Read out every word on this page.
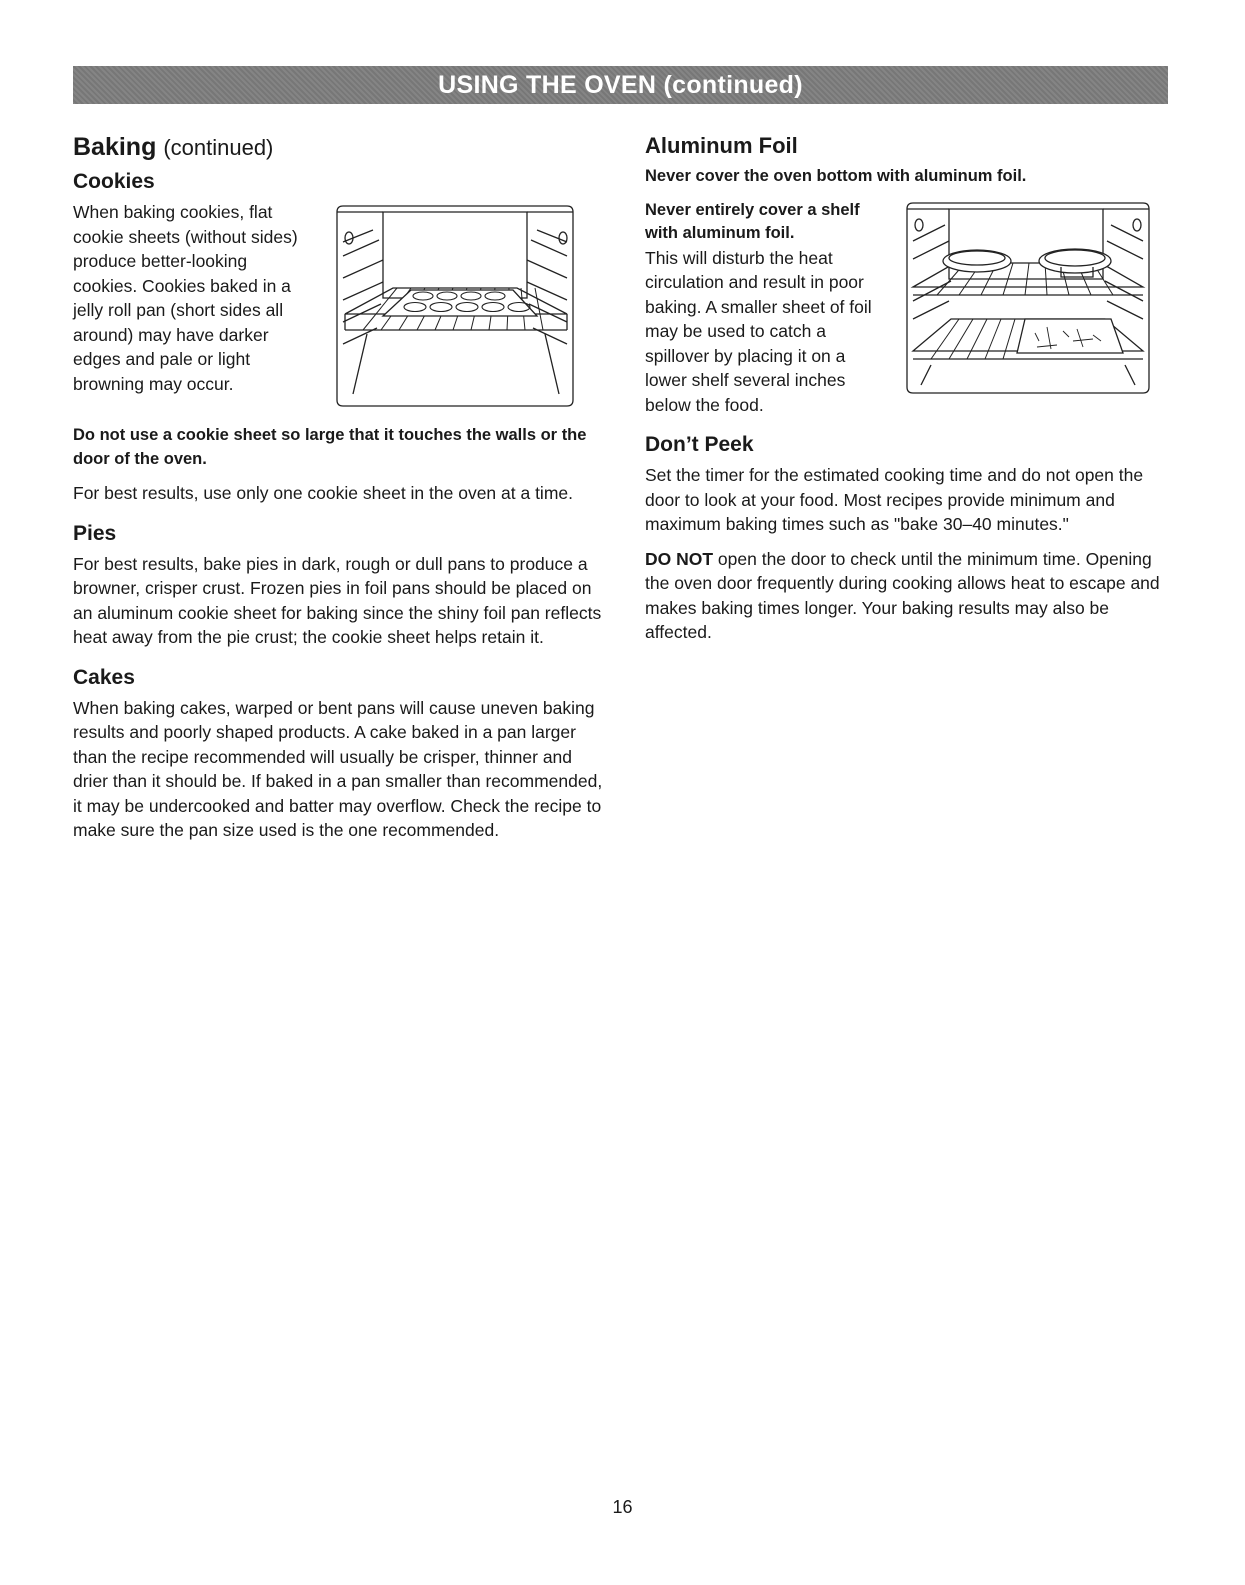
USING THE OVEN (continued)
Baking (continued)
Cookies

When baking cookies, flat cookie sheets (without sides) produce better-looking cookies. Cookies baked in a jelly roll pan (short sides all around) may have darker edges and pale or light browning may occur.

Do not use a cookie sheet so large that it touches the walls or the door of the oven.

For best results, use only one cookie sheet in the oven at a time.

Pies

For best results, bake pies in dark, rough or dull pans to produce a browner, crisper crust. Frozen pies in foil pans should be placed on an aluminum cookie sheet for baking since the shiny foil pan reflects heat away from the pie crust; the cookie sheet helps retain it.

Cakes

When baking cakes, warped or bent pans will cause uneven baking results and poorly shaped products. A cake baked in a pan larger than the recipe recommended will usually be crisper, thinner and drier than it should be. If baked in a pan smaller than recommended, it may be undercooked and batter may overflow. Check the recipe to make sure the pan size used is the one recommended.

Aluminum Foil

Never cover the oven bottom with aluminum foil.

Never entirely cover a shelf with aluminum foil.

This will disturb the heat circulation and result in poor baking. A smaller sheet of foil may be used to catch a spillover by placing it on a lower shelf several inches below the food.

Don’t Peek

Set the timer for the estimated cooking time and do not open the door to look at your food. Most recipes provide minimum and maximum baking times such as "bake 30–40 minutes."

DO NOT open the door to check until the minimum time. Opening the oven door frequently during cooking allows heat to escape and makes baking times longer. Your baking results may also be affected.

16
